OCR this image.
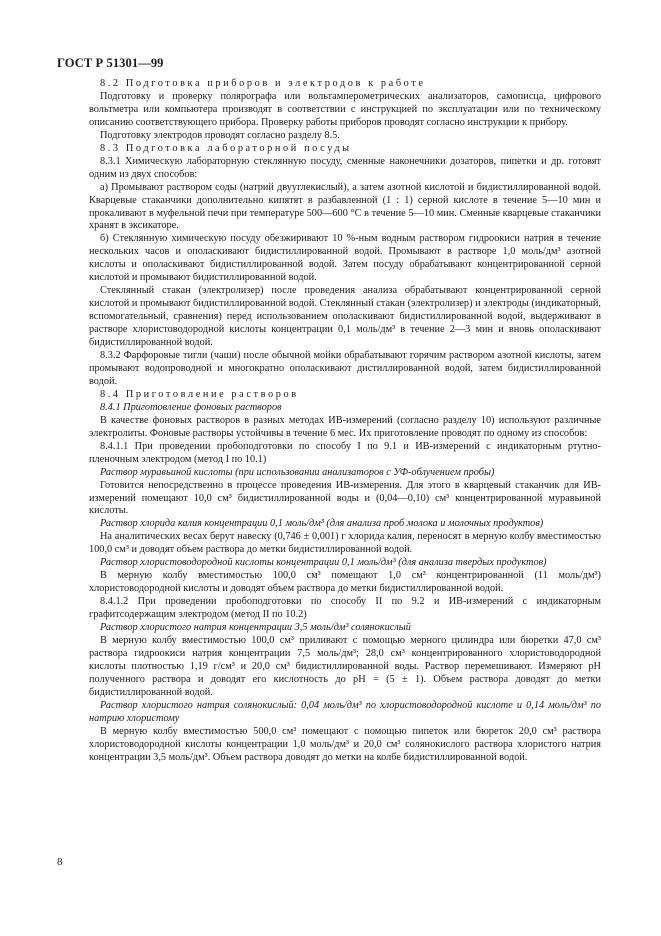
ГОСТ Р 51301—99

8.2 Подготовка приборов и электродов к работе

Подготовку и проверку полярографа или вольтамперометрических анализаторов, самописца, цифрового вольтметра или компьютера производят в соответствии с инструкцией по эксплуатации или по техническому описанию соответствующего прибора. Проверку работы приборов проводят согласно инструкции к прибору.

Подготовку электродов проводят согласно разделу 8.5.

8.3 Подготовка лабораторной посуды

8.3.1 Химическую лабораторную стеклянную посуду, сменные наконечники дозаторов, пипетки и др. готовят одним из двух способов:

а) Промывают раствором соды (натрий двууглекислый), а затем азотной кислотой и бидистиллированной водой. Кварцевые стаканчики дополнительно кипятят в разбавленной (1 : 1) серной кислоте в течение 5—10 мин и прокаливают в муфельной печи при температуре 500—600 °С в течение 5—10 мин. Сменные кварцевые стаканчики хранят в эксикаторе.

б) Стеклянную химическую посуду обезжиривают 10 %-ным водным раствором гидроокиси натрия в течение нескольких часов и ополаскивают бидистиллированной водой. Промывают в растворе 1,0 моль/дм³ азотной кислоты и ополаскивают бидистиллированной водой. Затем посуду обрабатывают концентрированной серной кислотой и промывают бидистиллированной водой.

Стеклянный стакан (электролизер) после проведения анализа обрабатывают концентрированной серной кислотой и промывают бидистиллированной водой. Стеклянный стакан (электролизер) и электроды (индикаторный, вспомогательный, сравнения) перед использованием ополаскивают бидистиллированной водой, выдерживают в растворе хлористоводородной кислоты концентрации 0,1 моль/дм³ в течение 2—3 мин и вновь ополаскивают бидистиллированной водой.

8.3.2 Фарфоровые тигли (чаши) после обычной мойки обрабатывают горячим раствором азотной кислоты, затем промывают водопроводной и многократно ополаскивают дистиллированной водой, затем бидистиллированной водой.

8.4 Приготовление растворов

8.4.1 Приготовление фоновых растворов

В качестве фоновых растворов в разных методах ИВ-измерений (согласно разделу 10) используют различные электролиты. Фоновые растворы устойчивы в течение 6 мес. Их приготовление проводят по одному из способов:

8.4.1.1 При проведении пробоподготовки по способу I по 9.1 и ИВ-измерений с индикаторным ртутно-пленочным электродом (метод I по 10.1)

Раствор муравьиной кислоты (при использовании анализаторов с УФ-облучением пробы)

Готовится непосредственно в процессе проведения ИВ-измерения. Для этого в кварцевый стаканчик для ИВ-измерений помещают 10,0 см³ бидистиллированной воды и (0,04—0,10) см³ концентрированной муравьиной кислоты.

Раствор хлорида калия концентрации 0,1 моль/дм³ (для анализа проб молока и молочных продуктов)

На аналитических весах берут навеску (0,746 ± 0,001) г хлорида калия, переносят в мерную колбу вместимостью 100,0 см³ и доводят объем раствора до метки бидистиллированной водой.

Раствор хлористоводородной кислоты концентрации 0,1 моль/дм³ (для анализа твердых продуктов)

В мерную колбу вместимостью 100,0 см³ помещают 1,0 см³ концентрированной (11 моль/дм³) хлористоводородной кислоты и доводят объем раствора до метки бидистиллированной водой.

8.4.1.2 При проведении пробоподготовки по способу II по 9.2 и ИВ-измерений с индикаторным графитсодержащим электродом (метод II по 10.2)

Раствор хлористого натрия концентрации 3,5 моль/дм³ солянокислый

В мерную колбу вместимостью 100,0 см³ приливают с помощью мерного цилиндра или бюретки 47,0 см³ раствора гидроокиси натрия концентрации 7,5 моль/дм³; 28,0 см³ концентрированного хлористоводородной кислоты плотностью 1,19 г/см³ и 20,0 см³ бидистиллированной воды. Раствор перемешивают. Измеряют рН полученного раствора и доводят его кислотность до рН = (5 ± 1). Объем раствора доводят до метки бидистиллированной водой.

Раствор хлористого натрия солянокислый: 0,04 моль/дм³ по хлористоводородной кислоте и 0,14 моль/дм³ по натрию хлористому

В мерную колбу вместимостью 500,0 см³ помещают с помощью пипеток или бюреток 20,0 см³ раствора хлористоводородной кислоты концентрации 1,0 моль/дм³ и 20,0 см³ солянокислого раствора хлористого натрия концентрации 3,5 моль/дм³. Объем раствора доводят до метки на колбе бидистиллированной водой.

8
